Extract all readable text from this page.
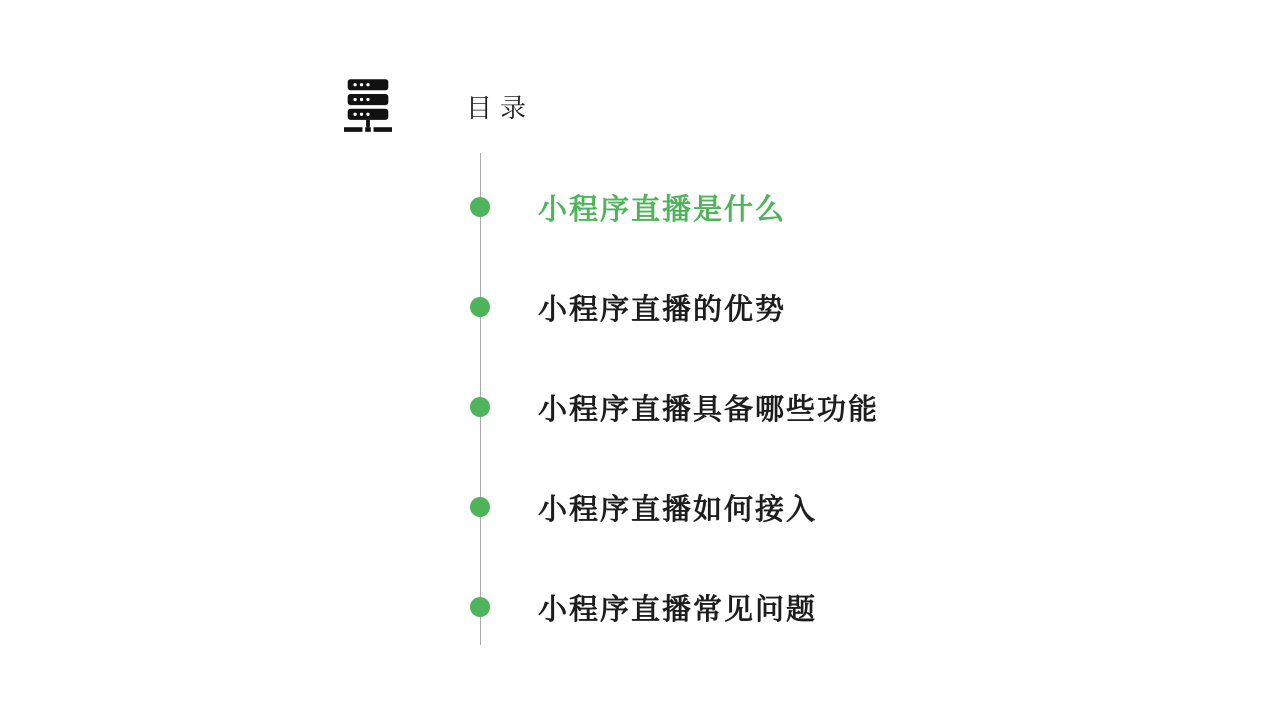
目录
小程序直播是什么
小程序直播的优势
小程序直播具备哪些功能
小程序直播如何接入
小程序直播常见问题
